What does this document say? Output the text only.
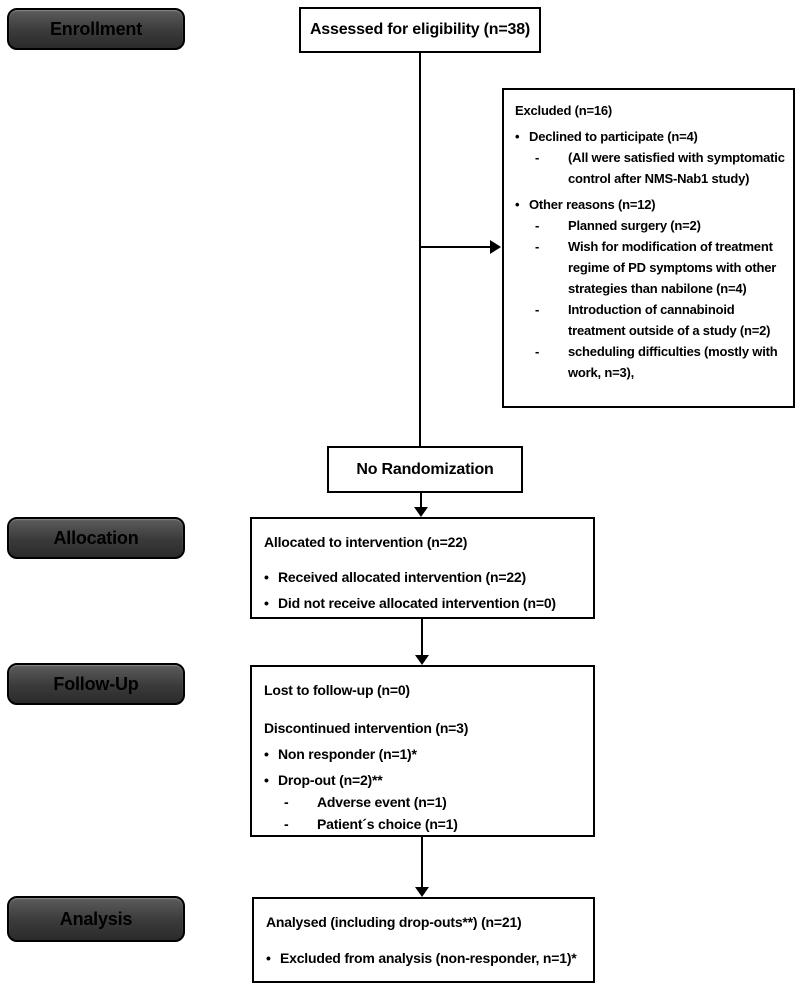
Enrollment
Allocation
Follow-Up
Analysis
Assessed for eligibility (n=38)
Excluded (n=16)
• Declined to participate (n=4)
-	(All were satisfied with symptomatic control after NMS-Nab1 study)
• Other reasons (n=12)
-	Planned surgery (n=2)
-	Wish for modification of treatment regime of PD symptoms with other strategies than nabilone (n=4)
-	Introduction of cannabinoid treatment outside of a study (n=2)
-	scheduling difficulties (mostly with work, n=3),
No Randomization
Allocated to intervention (n=22)
• Received allocated intervention (n=22)
• Did not receive allocated intervention (n=0)
Lost to follow-up (n=0)
Discontinued intervention (n=3)
• Non responder (n=1)*
• Drop-out (n=2)**
-	Adverse event (n=1)
-	Patient´s choice (n=1)
Analysed (including drop-outs**) (n=21)
• Excluded from analysis (non-responder, n=1)*
